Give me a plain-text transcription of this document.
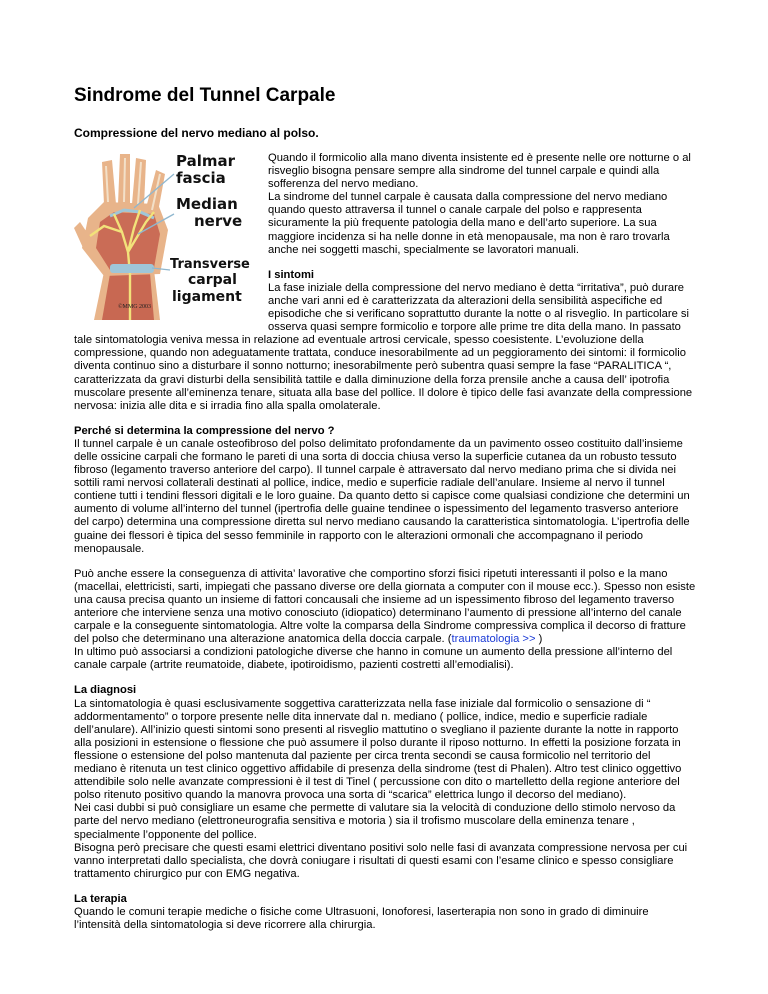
Sindrome del Tunnel Carpale
Compressione del nervo mediano al polso.
Palmar
fascia
Median
nerve
Transverse
carpal
ligament
©MMG 2003

Quando il formicolio alla mano diventa insistente ed è presente nelle ore notturne o al risveglio bisogna pensare sempre alla sindrome del tunnel carpale e quindi alla sofferenza del nervo mediano.

La sindrome del tunnel carpale è causata dalla compressione del nervo mediano quando questo attraversa il tunnel o canale carpale del polso e rappresenta sicuramente la più frequente patologia della mano e dell’arto superiore. La sua maggiore incidenza si ha nelle donne in età menopausale, ma non è raro trovarla anche nei soggetti maschi, specialmente se lavoratori manuali.

I sintomi
La fase iniziale della compressione del nervo mediano è detta “irritativa”, può durare anche vari anni ed è caratterizzata da alterazioni della sensibilità aspecifiche ed episodiche che si verificano soprattutto durante la notte o al risveglio. In particolare si osserva quasi sempre formicolio e torpore alle prime tre dita della mano. In passato tale sintomatologia veniva messa in relazione ad eventuale artrosi cervicale, spesso coesistente. L’evoluzione della compressione, quando non adeguatamente trattata, conduce inesorabilmente ad un peggioramento dei sintomi: il formicolio diventa continuo sino a disturbare il sonno notturno; inesorabilmente però subentra quasi sempre la fase “PARALITICA “, caratterizzata da gravi disturbi della sensibilità tattile e dalla diminuzione della forza prensile anche a causa dell’ ipotrofia muscolare presente all’eminenza tenare, situata alla base del pollice. Il dolore è tipico delle fasi avanzate della compressione nervosa: inizia alle dita e si irradia fino alla spalla omolaterale.
Perché si determina la compressione del nervo ?
Il tunnel carpale è un canale osteofibroso del polso delimitato profondamente da un pavimento osseo costituito dall’insieme delle ossicine carpali che formano le pareti di una sorta di doccia chiusa verso la superficie cutanea da un robusto tessuto fibroso (legamento traverso anteriore del carpo). Il tunnel carpale è attraversato dal nervo mediano prima che si divida nei sottili rami nervosi collaterali destinati al pollice, indice, medio e superficie radiale dell’anulare. Insieme al nervo il tunnel contiene tutti i tendini flessori digitali e le loro guaine. Da quanto detto si capisce come qualsiasi condizione che determini un aumento di volume all’interno del tunnel (ipertrofia delle guaine tendinee o ispessimento del legamento trasverso anteriore del carpo) determina una compressione diretta sul nervo mediano causando la caratteristica sintomatologia. L’ipertrofia delle guaine dei flessori è tipica del sesso femminile in rapporto con le alterazioni ormonali che accompagnano il periodo menopausale.

Può anche essere la conseguenza di attivita’ lavorative che comportino sforzi fisici ripetuti interessanti il polso e la mano (macellai, elettricisti, sarti, impiegati che passano diverse ore della giornata a computer con il mouse ecc.). Spesso non esiste una causa precisa quanto un insieme di fattori concausali che insieme ad un ispessimento fibroso del legamento traverso anteriore che interviene senza una motivo conosciuto (idiopatico) determinano l’aumento di pressione all’interno del canale carpale e la conseguente sintomatologia. Altre volte la comparsa della Sindrome compressiva complica il decorso di fratture del polso che determinano una alterazione anatomica della doccia carpale. (traumatologia >> )
In ultimo può associarsi a condizioni patologiche diverse che hanno in comune un aumento della pressione all’interno del canale carpale (artrite reumatoide, diabete, ipotiroidismo, pazienti costretti all’emodialisi).

La diagnosi
La sintomatologia è quasi esclusivamente soggettiva caratterizzata nella fase iniziale dal formicolio o sensazione di “ addormentamento” o torpore presente nelle dita innervate dal n. mediano ( pollice, indice, medio e superficie radiale dell’anulare). All’inizio questi sintomi sono presenti al risveglio mattutino o svegliano il paziente durante la notte in rapporto alla posizioni in estensione o flessione che può assumere il polso durante il riposo notturno. In effetti la posizione forzata in flessione o estensione del polso mantenuta dal paziente per circa trenta secondi se causa formicolio nel territorio del mediano è ritenuta un test clinico oggettivo affidabile di presenza della sindrome (test di Phalen). Altro test clinico oggettivo attendibile solo nelle avanzate compressioni è il test di Tinel ( percussione con dito o martelletto della regione anteriore del polso ritenuto positivo quando la manovra provoca una sorta di “scarica” elettrica lungo il decorso del mediano).
Nei casi dubbi si può consigliare un esame che permette di valutare sia la velocità di conduzione dello stimolo nervoso da parte del nervo mediano (elettroneurografia sensitiva e motoria ) sia il trofismo muscolare della eminenza tenare , specialmente l’opponente del pollice.
Bisogna però precisare che questi esami elettrici diventano positivi solo nelle fasi di avanzata compressione nervosa per cui vanno interpretati dallo specialista, che dovrà coniugare i risultati di questi esami con l’esame clinico e spesso consigliare trattamento chirurgico pur con EMG negativa.
La terapia
Quando le comuni terapie mediche o fisiche come Ultrasuoni, Ionoforesi, laserterapia non sono in grado di diminuire l’intensità della sintomatologia si deve ricorrere alla chirurgia.
